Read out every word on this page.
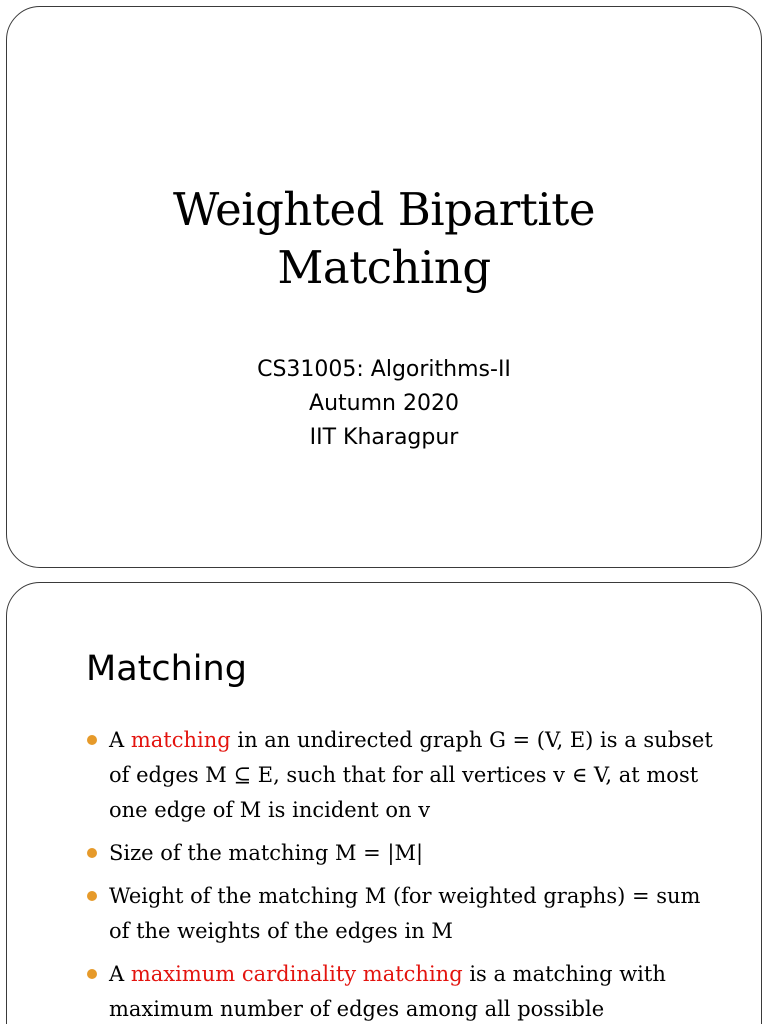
Weighted Bipartite
Matching
CS31005: Algorithms-II
Autumn 2020
IIT Kharagpur
Matching
A matching in an undirected graph G = (V, E) is a subset of edges M ⊆ E, such that for all vertices v ∈ V, at most one edge of M is incident on v
Size of the matching M = |M|
Weight of the matching M (for weighted graphs) = sum of the weights of the edges in M
A maximum cardinality matching is a matching with maximum number of edges among all possible
